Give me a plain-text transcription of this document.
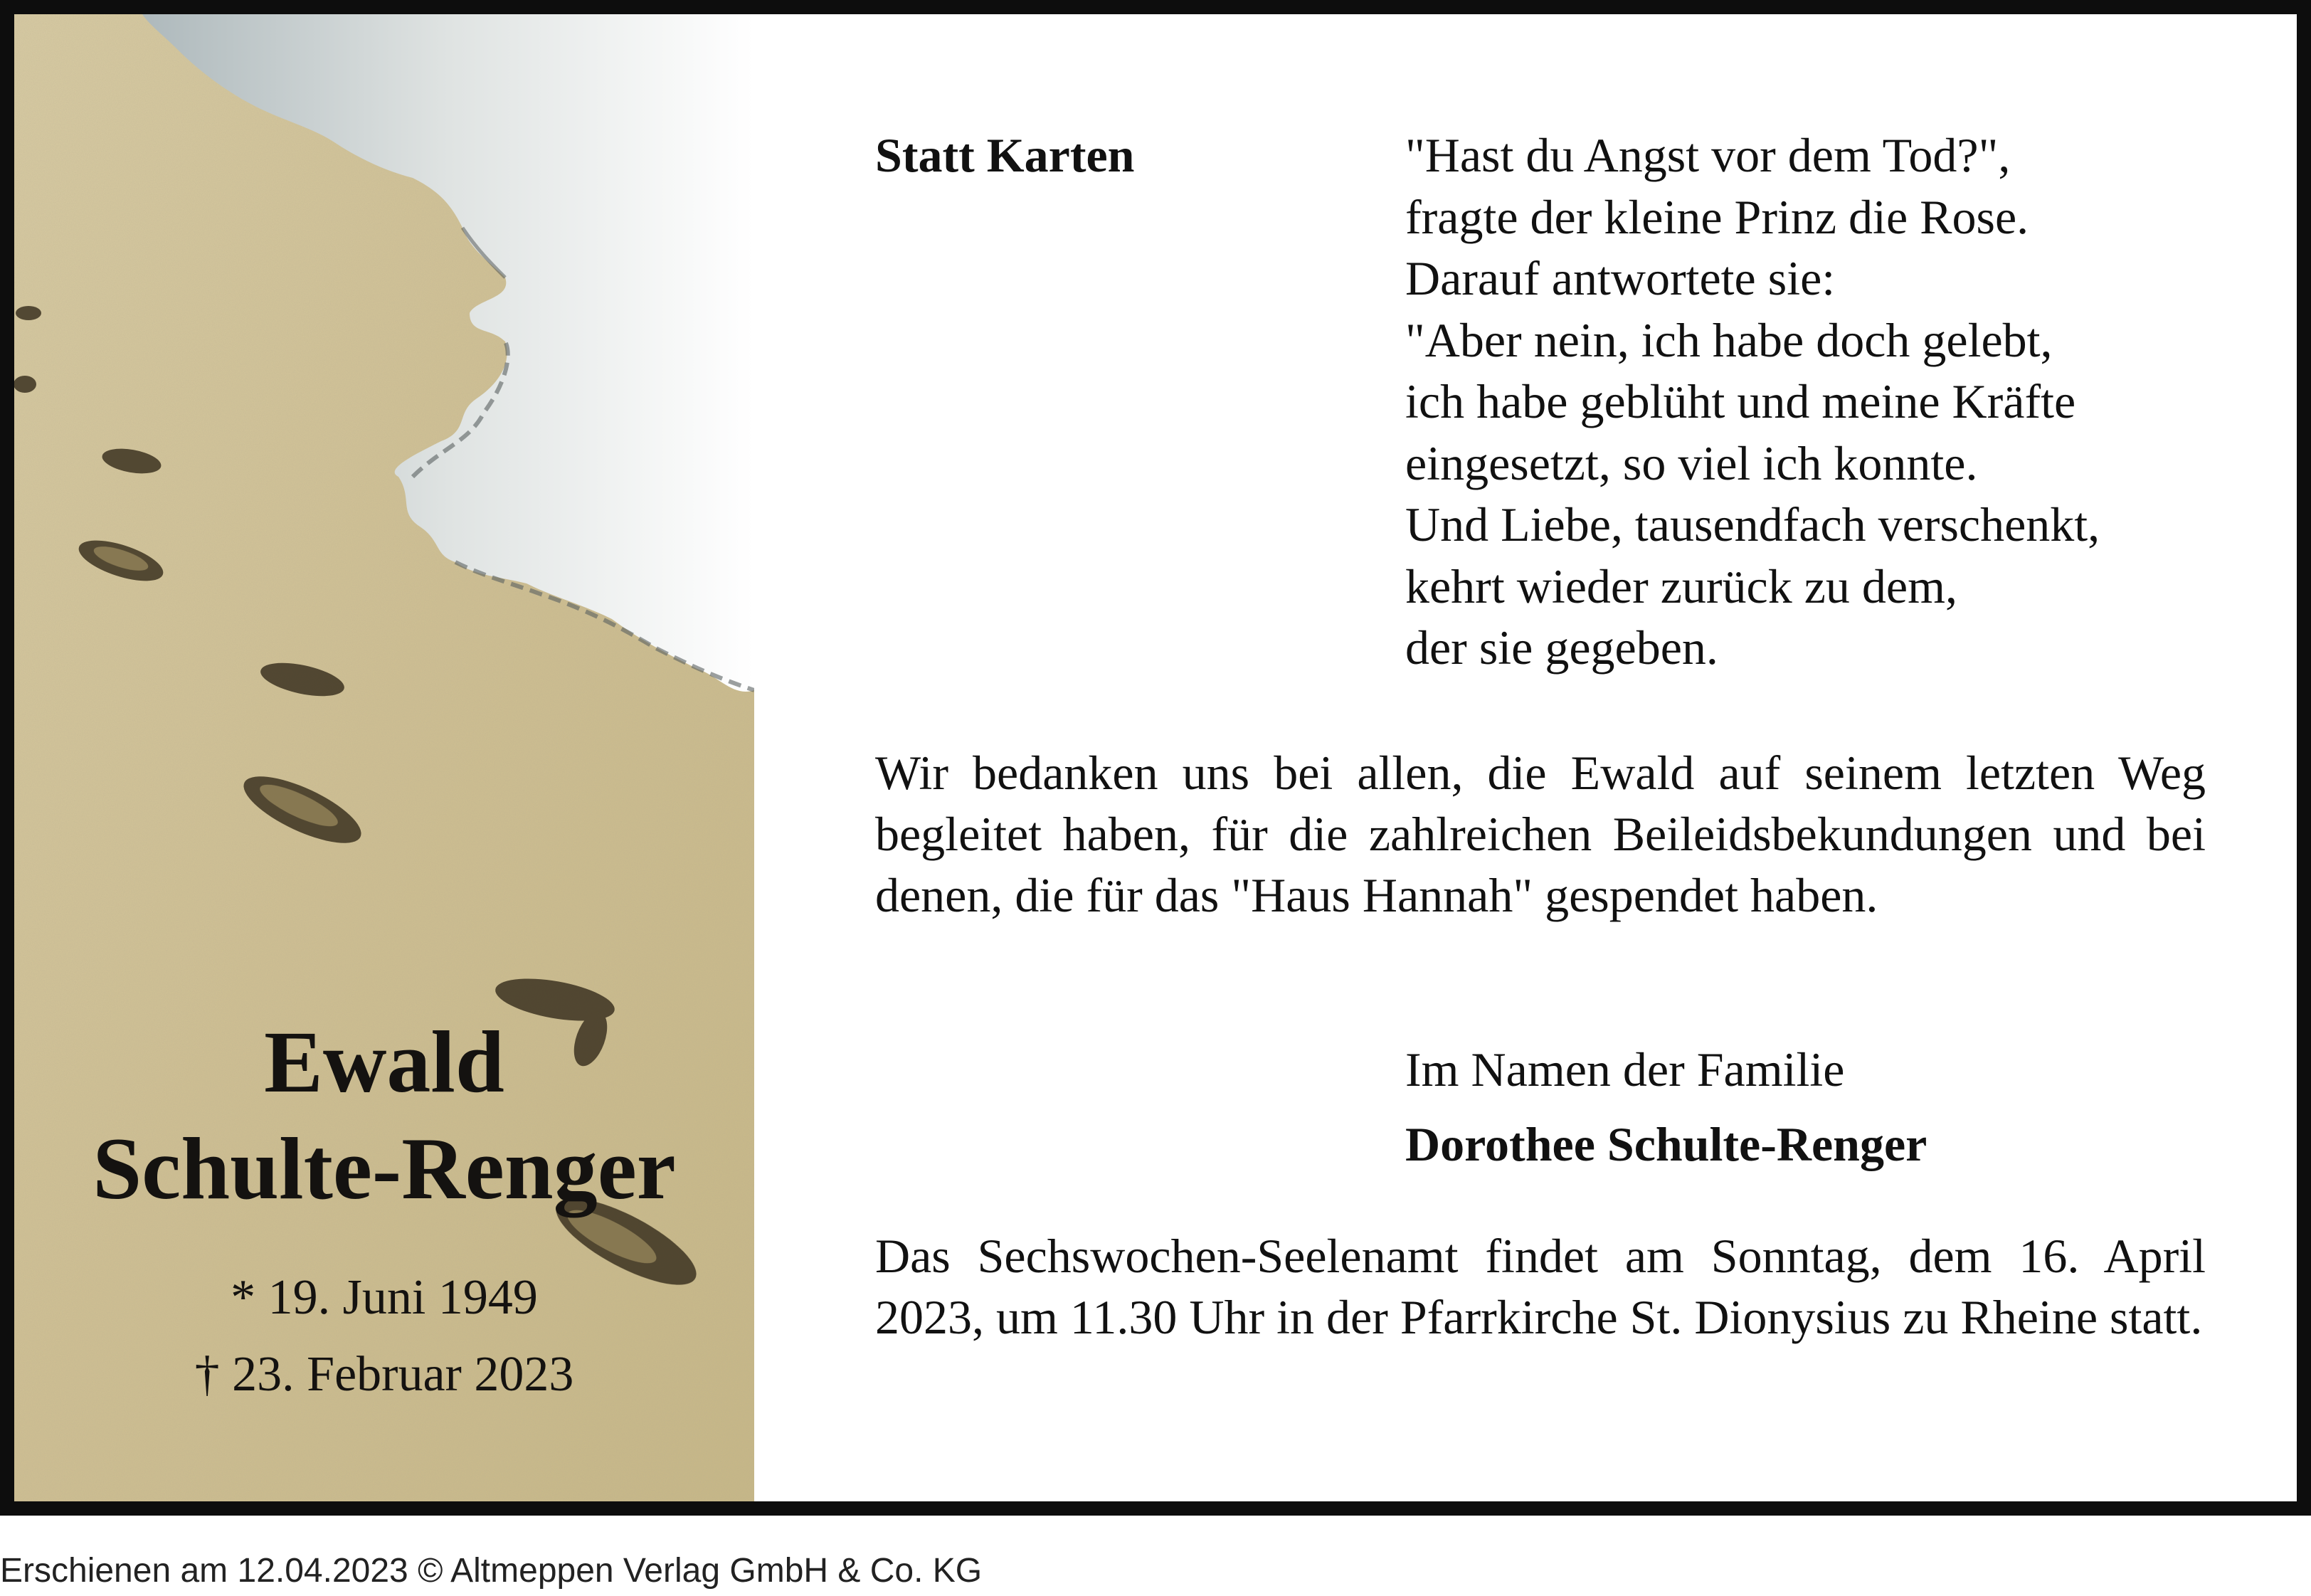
Ewald
Schulte-Renger
* 19. Juni 1949
† 23. Februar 2023
Statt Karten	"Hast du Angst vor dem Tod?",
fragte der kleine Prinz die Rose.
Darauf antwortete sie:
"Aber nein, ich habe doch gelebt,
ich habe geblüht und meine Kräfte
eingesetzt, so viel ich konnte.
Und Liebe, tausendfach verschenkt,
kehrt wieder zurück zu dem,
der sie gegeben.
Wir bedanken uns bei allen, die Ewald auf seinem letzten Weg begleitet haben, für die zahlreichen Beileidsbekundungen und bei denen, die für das "Haus Hannah" gespendet haben.
Im Namen der Familie
Dorothee Schulte-Renger
Das Sechswochen-Seelenamt findet am Sonntag, dem 16. April 2023, um 11.30 Uhr in der Pfarrkirche St. Dionysius zu Rheine statt.
Erschienen am 12.04.2023 © Altmeppen Verlag GmbH & Co. KG
